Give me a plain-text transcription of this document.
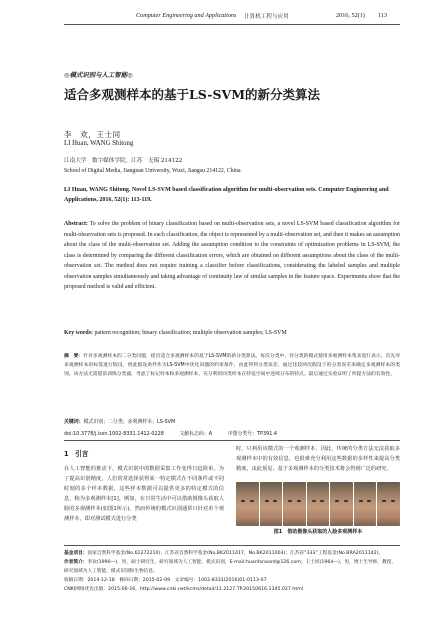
Computer Engineering and Applications 计算机工程与应用	2016, 52(1) 113
◎模式识别与人工智能◎
适合多观测样本的基于LS-SVM的新分类算法
李　欢，王士同
LI Huan, WANG Shitong
江南大学　数字媒体学院，江苏　无锡 214122
School of Digital Media, Jiangnan University, Wuxi, Jiangsu 214122, China
LI Huan, WANG Shitong. Novel LS-SVM based classification algorithm for multi-observation sets. Computer Engineering and Applications, 2016, 52(1): 113-119.
Abstract: To solve the problem of binary classification based on multi-observation sets, a novel LS-SVM based classification algorithm for multi-observation sets is proposed. In each classification, the object is represented by a multi-observation set, and then it makes an assumption about the class of the multi-observation set. Adding the assumption condition to the constraints of optimization problems in LS-SVM, the class is determined by comparing the different classification errors, which are obtained on different assumptions about the class of the multi-observation set. The method does not require training a classifier before classifications, considerating the labeled samples and multiple observation samples simultaneously and taking advantage of continuity law of similar samples in the feature space. Experiments show that the proposed method is valid and efficient.
Key words: pattern recognition; binary classification; multiple observation samples; LS-SVM
摘　要：针对多观测样本的二分类问题，提出适合多观测样本的基于LS-SVM的新分类算法。每次分类中，待分类的模式使用多观测样本集来进行表示，首先对多观测样本的标签进行假设，将此假设条件作为LS-SVM中优化问题的约束条件，由此得到分类误差，通过比较两次假设下的分类误差来确定多观测样本的类别。该方法无需提前训练分类器，考虑了标记样本和多观测样本，充分利用同类样本在特征空间中连续分布的特点。最后通过实验证明了所提方法的有效性。
关键词：模式识别；二分类；多观测样本；LS-SVM
doi:10.3778/j.issn.1002-8331.1412-0228	文献标志码：A	中图分类号：TP391.4
1　引言
在人工智能的推动下，模式识别中的数据采集工作变得日趋简单。为了提高识别精度，人们常常选择获得某一特定模式在不同条件或不同时刻的多个样本数据，这些样本数据可以提供更多的特定模式的信息，称为多观测样本[1]。例如，在日常生活中可以借助摄像头获取人脸的多观测样本(如图1所示)。然而传统的模式识别通常只针对单个观测样本，即对测试模式进行分类
时，只利用该模式的一个观测样本，因此，传统的分类方法无法获取多观测样本中的有效信息，也很难充分利用这些数据的多样性来提高分类精度。由此预见，基于多观测样本的分类技术将会得到广泛的研究。
图1　借助摄像头获取的人脸多观测样本
基金项目：国家自然科学基金(No.61272210)；江苏省自然科学基金(No.BK2011417，No.BK2011003)；江苏省“333”工程基金(No.BRA2011142)。
作者简介：李欢(1990—)，男，硕士研究生，研究领域为人工智能、模式识别，E-mail:huanforward@126.com；王士同(1964—)，男，博士生导师，教授，研究领域为人工智能、模式识别和生物信息。
收稿日期：2014-12-18　修回日期：2015-02-09　文章编号：1002-8331(2016)01-0113-07
CNKI网络优先出版：2015-06-16，http://www.cnki.net/kcms/detail/11.2127.TP.20150616.1345.027.html
